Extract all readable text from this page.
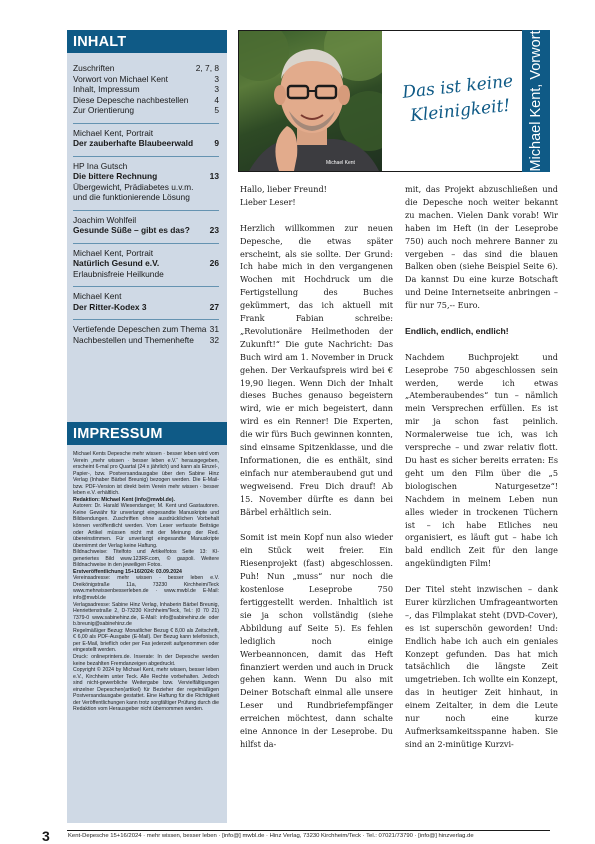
INHALT
Zuschriften	2, 7, 8
Vorwort von Michael Kent	3
Inhalt, Impressum	3
Diese Depesche nachbestellen	4
Zur Orientierung	5
Michael Kent, Portrait
Der zauberhafte Blaubeerwald	9
HP Ina Gutsch
Die bittere Rechnung	13
Übergewicht, Prädiabetes u.v.m.
und die funktionierende Lösung
Joachim Wohlfeil
Gesunde Süße – gibt es das? 23
Michael Kent, Portrait
Natürlich Gesund e.V.	26
Erlaubnisfreie Heilkunde
Michael Kent
Der Ritter-Kodex 3	27
Vertiefende Depeschen zum Thema 31
Nachbestellen und Themenhefte 32
IMPRESSUM
Michael Kents Depesche mehr wissen · besser leben wird vom Verein „mehr wissen · besser leben e.V.“ herausgegeben, erscheint 6-mal pro Quartal (24 x jährlich) und kann als Einzel-, Papier-, bzw. Postversandausgabe über den Sabine Hinz Verlag (Inhaber Bärbel Breunig) bezogen werden. Die E-Mail- bzw. PDF-Version ist direkt beim Verein mehr wissen · besser leben e.V. erhältlich.
Redaktion: Michael Kent (info@mwbl.de).
Autoren: Dr. Harald Wiesendanger; M. Kent und Gastautoren. Keine Gewähr für unverlangt eingesandte Manuskripte und Bildsendungen. Zuschriften ohne ausdrücklichen Vorbehalt können veröffentlicht werden. Vom Leser verfasste Beiträge oder Artikel müssen nicht mit der Meinung der Red. übereinstimmen. Für unverlangt eingesandte Manuskripte übernimmt der Verlag keine Haftung.
Bildnachweise: Titelfoto und Artikelfotos Seite 13: KI-generiertes Bild www.123RF.com, © gaspoli. Weitere Bildnachweise in den jeweiligen Fotos.
Erstveröffentlichung 15+16/2024: 03.09.2024
Vereinsadresse: mehr wissen · besser leben e.V. Dreikönigstraße 11a, 73230 Kirchheim/Teck www.mehrwissenbesserleben.de · www.mwbl.de E-Mail: info@mwbl.de
Verlagsadresse: Sabine Hinz Verlag, Inhaberin Bärbel Breunig, Henriettenstraße 2, D-73230 Kirchheim/Teck, Tel.: (0 70 21) 7379-0 www.sabinehinz.de, E-Mail: info@sabinehinz.de oder b.breunig@sabinehinz.de
Regelmäßiger Bezug: Monatlicher Bezug € 8,00 als Zeitschrift, € 6,00 als PDF-Ausgabe (E-Mail). Der Bezug kann telefonisch, per E-Mail, brieflich oder per Fax jederzeit aufgenommen oder eingestellt werden.
Druck: onlineprinters.de. Inserate: In der Depesche werden keine bezahlten Fremdanzeigen abgedruckt.
Copyright © 2024 by Michael Kent, mehr wissen, besser leben e.V., Kirchheim unter Teck. Alle Rechte vorbehalten. Jedoch sind nicht-gewerbliche Weitergabe bzw. Vervielfältigungen einzelner Depeschen(artikel) für Bezieher der regelmäßigen Postversandausgabe gestattet. Eine Haftung für die Richtigkeit der Veröffentlichungen kann trotz sorgfältiger Prüfung durch die Redaktion vom Herausgeber nicht übernommen werden.
Michael Kent
Das ist keine
Kleinigkeit!	Michael Kent, Vorwort

Hallo, lieber Freund!
Lieber Leser!

Herzlich willkommen zur neuen Depesche, die etwas später erscheint, als sie sollte. Der Grund: Ich habe mich in den vergangenen Wochen mit Hochdruck um die Fertigstellung des Buches gekümmert, das ich aktuell mit Frank Fabian schreibe: „Revolutionäre Heilmethoden der Zukunft!“ Die gute Nachricht: Das Buch wird am 1. November in Druck gehen. Der Verkaufspreis wird bei € 19,90 liegen. Wenn Dich der Inhalt dieses Buches genauso begeistern wird, wie er mich begeistert, dann wird es ein Renner! Die Experten, die wir fürs Buch gewinnen konnten, sind einsame Spitzenklasse, und die Informationen, die es enthält, sind einfach nur atemberaubend gut und wegweisend. Freu Dich drauf! Ab 15. November dürfte es dann bei Bärbel erhältlich sein.

Somit ist mein Kopf nun also wieder ein Stück weit freier. Ein Riesenprojekt (fast) abgeschlossen. Puh! Nun „muss“ nur noch die kostenlose Leseprobe 750 fertiggestellt werden. Inhaltlich ist sie ja schon vollständig (siehe Abbildung auf Seite 5). Es fehlen lediglich noch einige Werbeannoncen, damit das Heft finanziert werden und auch in Druck gehen kann. Wenn Du also mit Deiner Botschaft einmal alle unsere Leser und Rundbriefempfänger erreichen möchtest, dann schalte eine Annonce in der Leseprobe. Du hilfst da-

mit, das Projekt abzuschließen und die Depesche noch weiter bekannt zu machen. Vielen Dank vorab! Wir haben im Heft (in der Leseprobe 750) auch noch mehrere Banner zu vergeben – das sind die blauen Balken oben (siehe Beispiel Seite 6). Da kannst Du eine kurze Botschaft und Deine Internetseite anbringen – für nur 75,-- Euro.

Endlich, endlich, endlich!

Nachdem Buchprojekt und Leseprobe 750 abgeschlossen sein werden, werde ich etwas „Atemberaubendes“ tun – nämlich mein Versprechen erfüllen. Es ist mir ja schon fast peinlich. Normalerweise tue ich, was ich verspreche – und zwar relativ flott. Du hast es sicher bereits erraten: Es geht um den Film über die „5 biologischen Naturgesetze“! Nachdem in meinem Leben nun alles wieder in trockenen Tüchern ist – ich habe Etliches neu organisiert, es läuft gut – habe ich bald endlich Zeit für den lange angekündigten Film!

Der Titel steht inzwischen – dank Eurer kürzlichen Umfrageantworten –, das Filmplakat steht (DVD-Cover), es ist superschön geworden! Und: Endlich habe ich auch ein geniales Konzept gefunden. Das hat mich tatsächlich die längste Zeit umgetrieben. Ich wollte ein Konzept, das in heutiger Zeit hinhaut, in einem Zeitalter, in dem die Leute nur noch eine kurze Aufmerksamkeitsspanne haben. Sie sind an 2-minütige Kurzvi-

3	Kent-Depesche 15+16/2024 · mehr wissen, besser leben · [info@] mwbl.de · Hinz Verlag, 73230 Kirchheim/Teck · Tel.: 07021/73790 · [info@] hinzverlag.de
